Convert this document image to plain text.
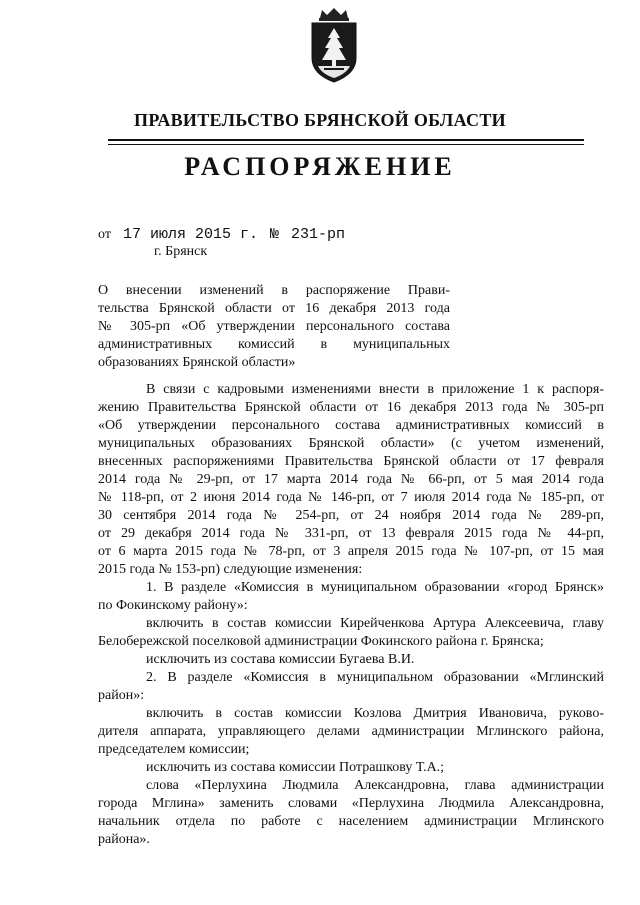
ПРАВИТЕЛЬСТВО БРЯНСКОЙ ОБЛАСТИ
РАСПОРЯЖЕНИЕ
от 17 июля 2015 г. № 231-рп
г. Брянск
О внесении изменений в распоряжение Прави-
тельства Брянской области от 16 декабря 2013 года
№ 305-рп «Об утверждении персонального состава
административных комиссий в муниципальных
образованиях Брянской области»
В связи с кадровыми изменениями внести в приложение 1 к распоря-
жению Правительства Брянской области от 16 декабря 2013 года № 305-рп
«Об утверждении персонального состава административных комиссий в
муниципальных образованиях Брянской области» (с учетом изменений,
внесенных распоряжениями Правительства Брянской области от 17 февраля
2014 года № 29-рп, от 17 марта 2014 года № 66-рп, от 5 мая 2014 года
№ 118-рп, от 2 июня 2014 года № 146-рп, от 7 июля 2014 года № 185-рп, от
30 сентября 2014 года № 254-рп, от 24 ноября 2014 года № 289-рп,
от 29 декабря 2014 года № 331-рп, от 13 февраля 2015 года № 44-рп,
от 6 марта 2015 года № 78-рп, от 3 апреля 2015 года № 107-рп, от 15 мая
2015 года № 153-рп) следующие изменения:
1. В разделе «Комиссия в муниципальном образовании «город Брянск»
по Фокинскому району»:
включить в состав комиссии Кирейченкова Артура Алексеевича, главу
Белобережской поселковой администрации Фокинского района г. Брянска;
исключить из состава комиссии Бугаева В.И.
2. В разделе «Комиссия в муниципальном образовании «Мглинский
район»:
включить в состав комиссии Козлова Дмитрия Ивановича, руково-
дителя аппарата, управляющего делами администрации Мглинского района,
председателем комиссии;
исключить из состава комиссии Потрашкову Т.А.;
слова «Перлухина Людмила Александровна, глава администрации
города Мглина» заменить словами «Перлухина Людмила Александровна,
начальник отдела по работе с населением администрации Мглинского
района».
